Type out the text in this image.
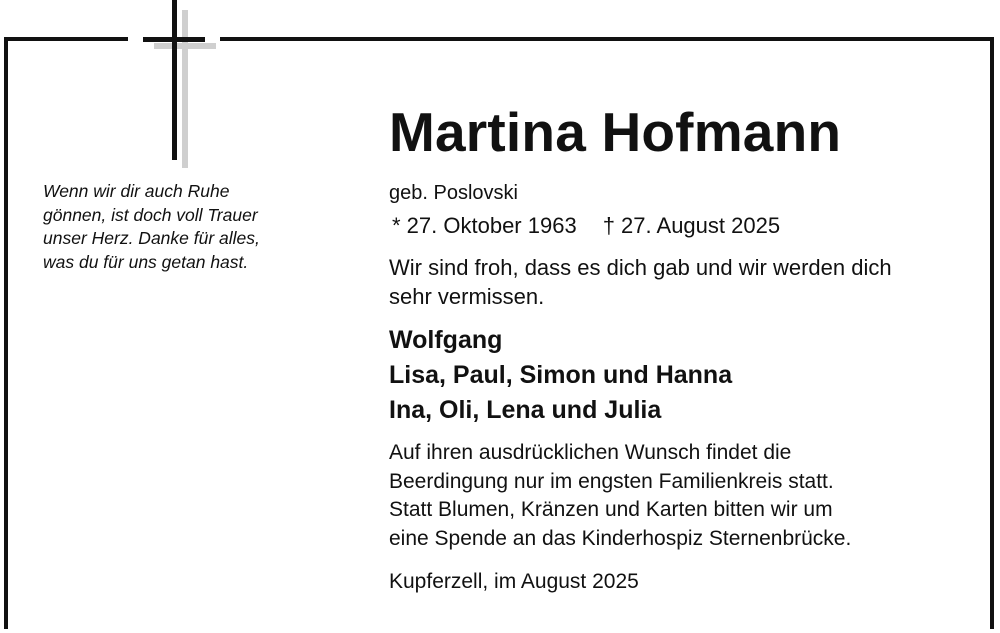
Wenn wir dir auch Ruhe
gönnen, ist doch voll Trauer
unser Herz. Danke für alles,
was du für uns getan hast.
Martina Hofmann
geb. Poslovski
* 27. Oktober 1963 † 27. August 2025
Wir sind froh, dass es dich gab und wir werden dich
sehr vermissen.
Wolfgang
Lisa, Paul, Simon und Hanna
Ina, Oli, Lena und Julia
Auf ihren ausdrücklichen Wunsch findet die
Beerdingung nur im engsten Familienkreis statt.
Statt Blumen, Kränzen und Karten bitten wir um
eine Spende an das Kinderhospiz Sternenbrücke.
Kupferzell, im August 2025
